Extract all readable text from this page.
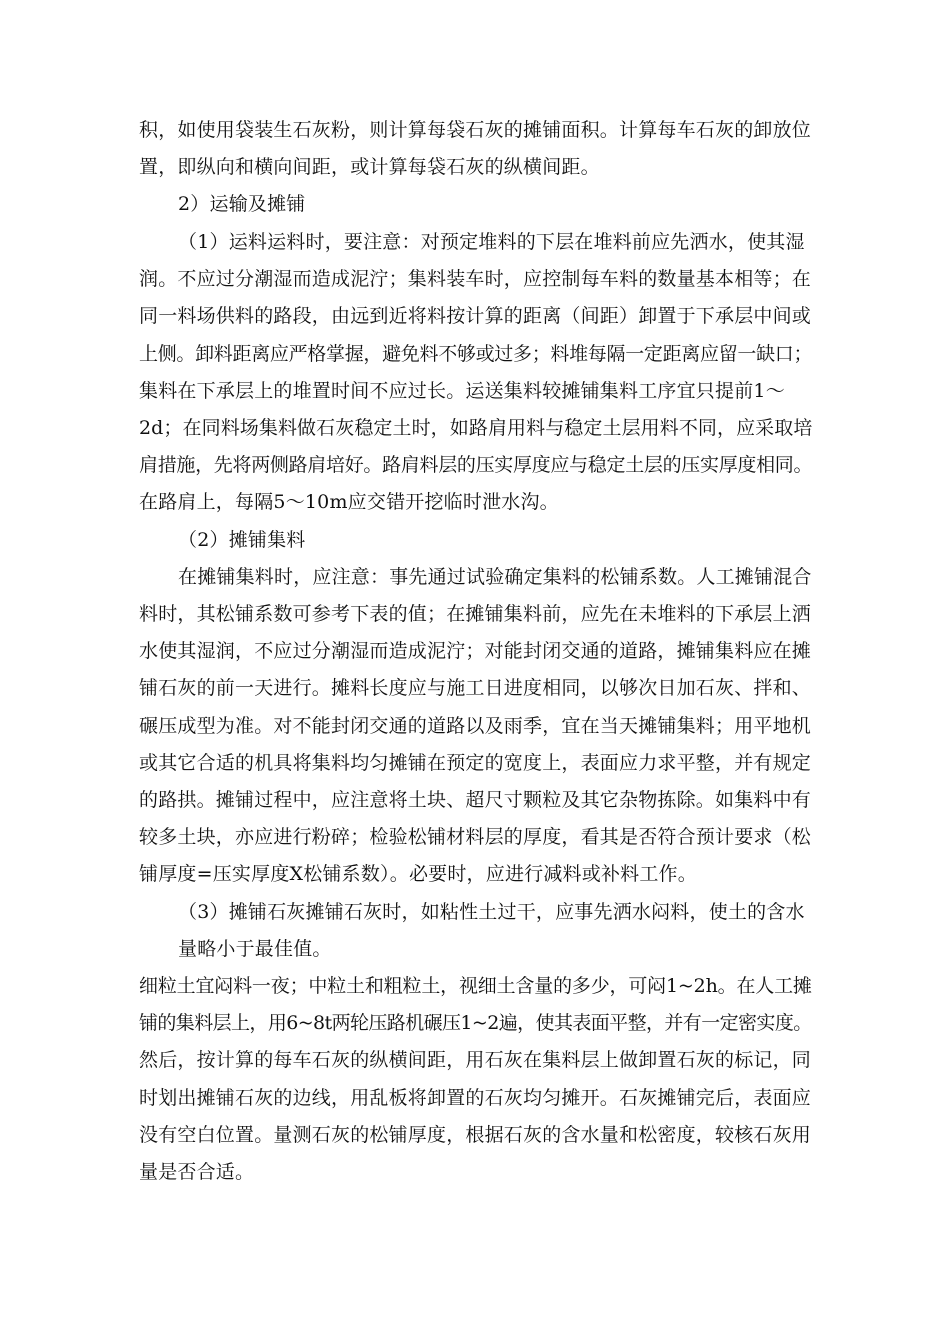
积，如使用袋装生石灰粉，则计算每袋石灰的摊铺面积。计算每车石灰的卸放位
置，即纵向和横向间距，或计算每袋石灰的纵横间距。
2）运输及摊铺
（1）运料运料时，要注意：对预定堆料的下层在堆料前应先洒水，使其湿
润。不应过分潮湿而造成泥泞；集料装车时，应控制每车料的数量基本相等；在
同一料场供料的路段，由远到近将料按计算的距离（间距）卸置于下承层中间或
上侧。卸料距离应严格掌握，避免料不够或过多；料堆每隔一定距离应留一缺口；
集料在下承层上的堆置时间不应过长。运送集料较摊铺集料工序宜只提前1〜
2d；在同料场集料做石灰稳定土时，如路肩用料与稳定土层用料不同，应采取培
肩措施，先将两侧路肩培好。路肩料层的压实厚度应与稳定土层的压实厚度相同。
在路肩上，每隔5〜10m应交错开挖临时泄水沟。
（2）摊铺集料
在摊铺集料时，应注意：事先通过试验确定集料的松铺系数。人工摊铺混合
料时，其松铺系数可参考下表的值；在摊铺集料前，应先在未堆料的下承层上洒
水使其湿润，不应过分潮湿而造成泥泞；对能封闭交通的道路，摊铺集料应在摊
铺石灰的前一天进行。摊料长度应与施工日进度相同，以够次日加石灰、拌和、
碾压成型为准。对不能封闭交通的道路以及雨季，宜在当天摊铺集料；用平地机
或其它合适的机具将集料均匀摊铺在预定的宽度上，表面应力求平整，并有规定
的路拱。摊铺过程中，应注意将土块、超尺寸颗粒及其它杂物拣除。如集料中有
较多土块，亦应进行粉碎；检验松铺材料层的厚度，看其是否符合预计要求（松
铺厚度=压实厚度X松铺系数）。必要时，应进行减料或补料工作。
（3）摊铺石灰摊铺石灰时，如粘性土过干，应事先洒水闷料，使土的含水
量略小于最佳值。
细粒土宜闷料一夜；中粒土和粗粒土，视细土含量的多少，可闷1~2h。在人工摊
铺的集料层上，用6~8t两轮压路机碾压1~2遍，使其表面平整，并有一定密实度。
然后，按计算的每车石灰的纵横间距，用石灰在集料层上做卸置石灰的标记，同
时划出摊铺石灰的边线，用乱板将卸置的石灰均匀摊开。石灰摊铺完后，表面应
没有空白位置。量测石灰的松铺厚度，根据石灰的含水量和松密度，较核石灰用
量是否合适。
